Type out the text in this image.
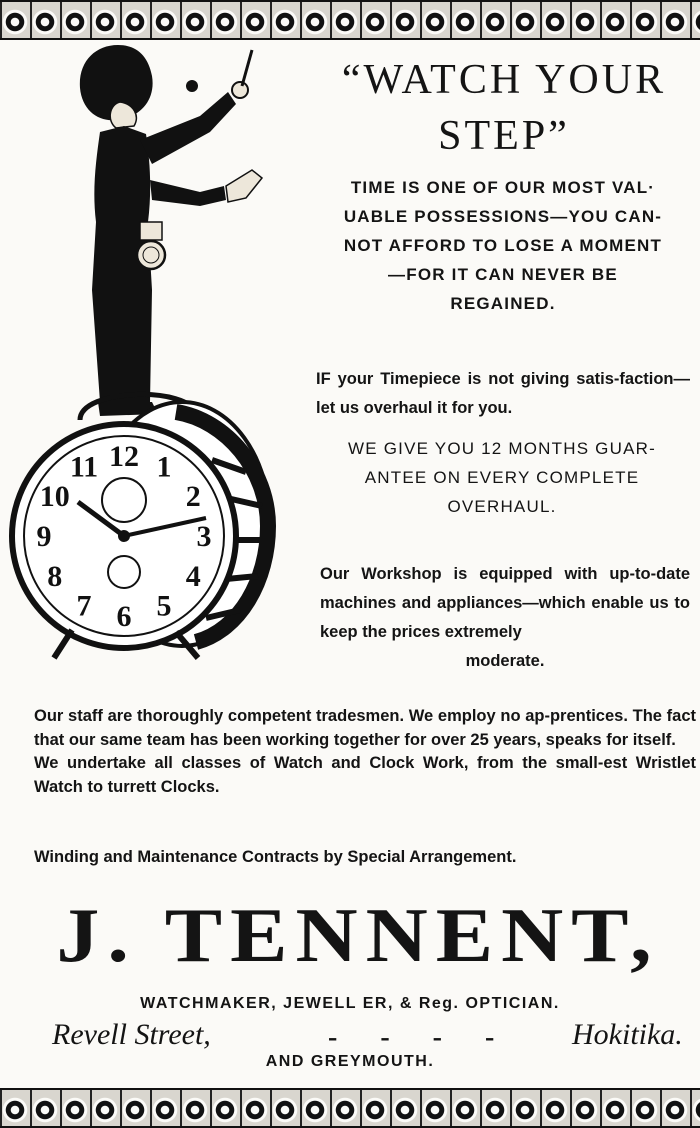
12 1
2
3
4
5
6
7
8
9
10
11
“WATCH YOUR STEP”
TIME IS ONE OF OUR MOST VAL·
UABLE POSSESSIONS—YOU CAN-
NOT AFFORD TO LOSE A MOMENT
—FOR IT CAN NEVER BE
REGAINED.

IF your Timepiece is not giving satis-faction—let us overhaul it for you.

WE GIVE YOU 12 MONTHS GUAR-
ANTEE ON EVERY COMPLETE
OVERHAUL.
Our Workshop is equipped with up-to-date machines and appliances—which enable us to keep the prices extremely
moderate.
Our staff are thoroughly competent tradesmen. We employ no ap-prentices. The fact that our same team has been working together for over 25 years, speaks for itself.
We undertake all classes of Watch and Clock Work, from the small-est Wristlet Watch to turrett Clocks.

Winding and Maintenance Contracts by Special Arrangement.

J. TENNENT,

WATCHMAKER, JEWELL ER, & Reg. OPTICIAN.

Revell Street,	- - - - Hokitika.

AND GREYMOUTH.
